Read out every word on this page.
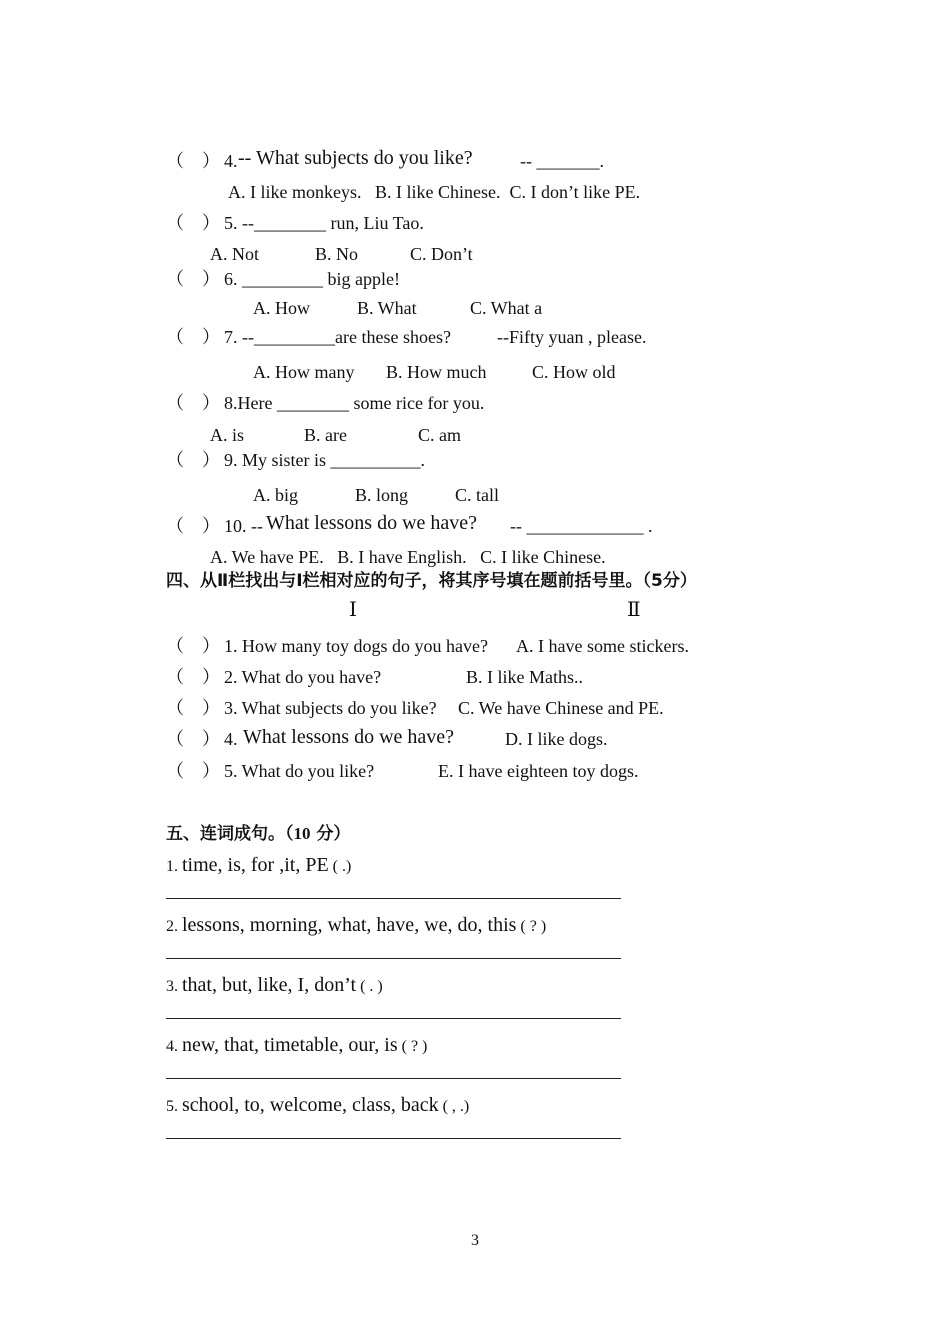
（　） 4. -- What subjects do you like?	-- _______.
A. I like monkeys.   B. I like Chinese.  C. I don’t like PE.
（　） 5. --________ run, Liu Tao.
A. Not	B. No	C. Don’t
（　） 6. _________ big apple!
A. How	B. What	C. What a
（　） 7. --_________are these shoes?	--Fifty yuan , please.
A. How many B. How much	C. How old
（　） 8.Here ________ some rice for you.
A. is	B. are	C. am
（　） 9. My sister is __________.
A. big	B. long	C. tall
（　） 10. -- What lessons do we have? -- _____________ .
A. We have PE.   B. I have English.   C. I like Chinese.
四、从Ⅱ栏找出与Ⅰ栏相对应的句子，将其序号填在题前括号里。（5分）
Ⅰ	Ⅱ
（　） 1. How many toy dogs do you have? A. I have some stickers.
（　） 2. What do you have?	B. I like Maths..
（　） 3. What subjects do you like? C. We have Chinese and PE.
（　） 4. What lessons do we have?	D. I like dogs.
（　） 5. What do you like?	E. I have eighteen toy dogs.
五、连词成句。（10 分）
1. time, is, for ,it, PE ( .)
2. lessons, morning, what, have, we, do, this ( ? )
3. that, but, like, I, don’t ( . )
4. new, that, timetable, our, is ( ? )
5. school, to, welcome, class, back ( , .)
3
